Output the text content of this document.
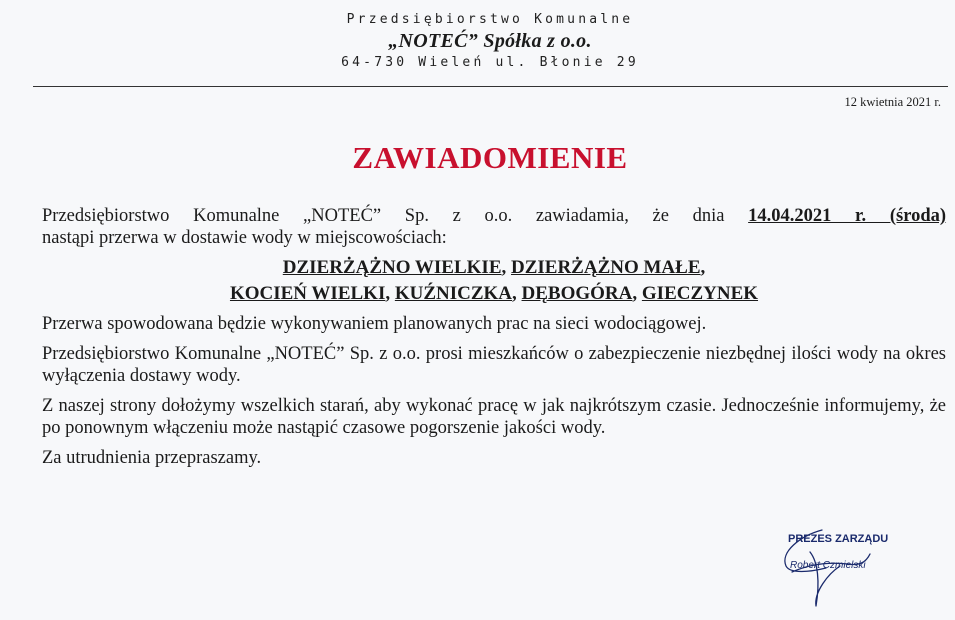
Przedsiębiorstwo Komunalne
„NOTEĆ” Spółka z o.o.
64-730 Wieleń ul. Błonie 29
12 kwietnia 2021 r.
ZAWIADOMIENIE

Przedsiębiorstwo Komunalne „NOTEĆ” Sp. z o.o. zawiadamia, że dnia 14.04.2021 r. (środa)

nastąpi przerwa w dostawie wody w miejscowościach:

DZIERŻĄŻNO WIELKIE, DZIERŻĄŻNO MAŁE,
KOCIEŃ WIELKI, KUŹNICZKA, DĘBOGÓRA, GIECZYNEK

Przerwa spowodowana będzie wykonywaniem planowanych prac na sieci wodociągowej.

Przedsiębiorstwo Komunalne „NOTEĆ” Sp. z o.o. prosi mieszkańców o zabezpieczenie niezbędnej ilości wody na okres wyłączenia dostawy wody.

Z naszej strony dołożymy wszelkich starań, aby wykonać pracę w jak najkrótszym czasie. Jednocześnie informujemy, że po ponownym włączeniu może nastąpić czasowe pogorszenie jakości wody.

Za utrudnienia przepraszamy.

PREZES ZARZĄDU
Robert Czmielski
